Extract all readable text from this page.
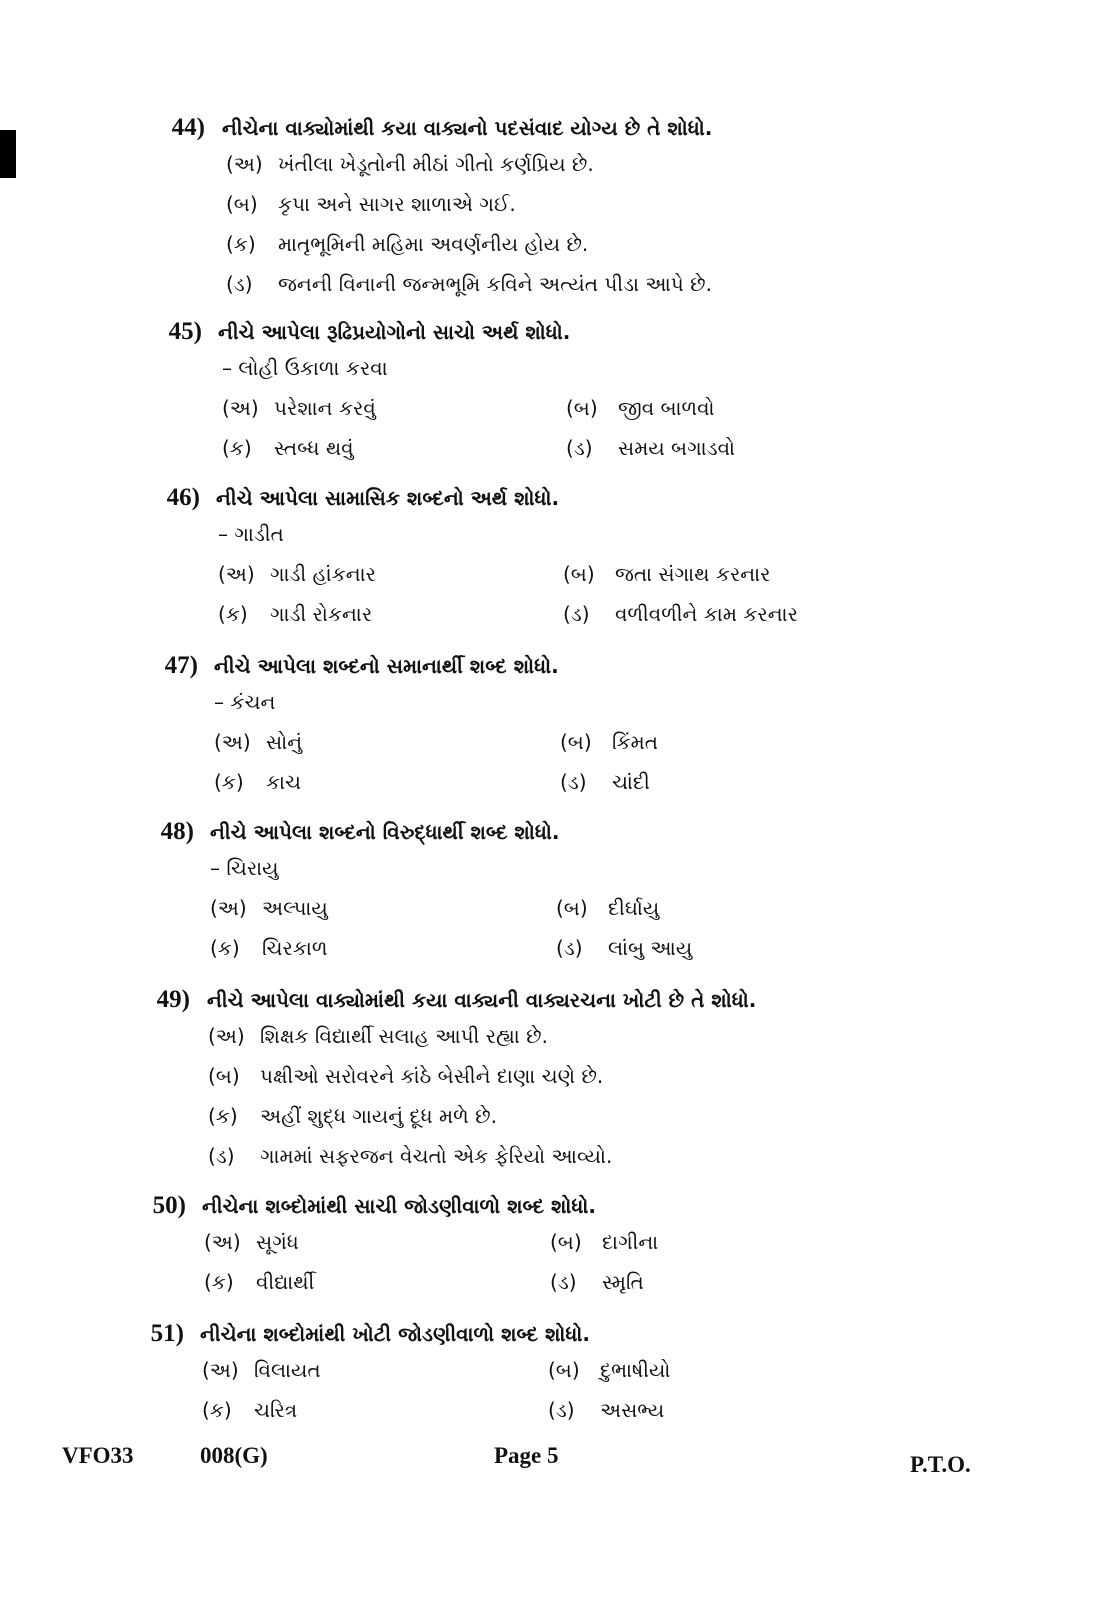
44) નીચેના વાક્યોમાંથી કયા વાક્યનો પદસંવાદ યોગ્ય છે તે શોધો.
(અ) ખંતીલા ખેડૂતોની મીઠાં ગીતો કર્ણપ્રિય છે.
(બ) કૃપા અને સાગર શાળાએ ગઈ.
(ક) માતૃભૂમિની મહિમા અવર્ણનીય હોય છે.
(ડ) જનની વિનાની જન્મભૂમિ કવિને અત્યંત પીડા આપે છે.
45) નીચે આપેલા રૂઢિપ્રયોગોનો સાચો અર્થ શોધો.
– લોહી ઉકાળા કરવા
(અ) પરેશાન કરવું	(બ) જીવ બાળવો
(ક) સ્તબ્ધ થવું	(ડ) સમય બગાડવો
46) નીચે આપેલા સામાસિક શબ્દનો અર્થ શોધો.
– ગાડીત
(અ) ગાડી હાંકનાર	(બ) જતા સંગાથ કરનાર
(ક) ગાડી રોકનાર	(ડ) વળીવળીને કામ કરનાર
47) નીચે આપેલા શબ્દનો સમાનાર્થી શબ્દ શોધો.
– કંચન
(અ) સોનું	(બ) કિંમત
(ક) કાચ	(ડ) ચાંદી
48) નીચે આપેલા શબ્દનો વિરુદ્ધાર્થી શબ્દ શોધો.
– ચિરાયુ
(અ) અલ્પાયુ	(બ) દીર્ઘાયુ
(ક) ચિરકાળ	(ડ) લાંબુ આયુ
49) નીચે આપેલા વાક્યોમાંથી કયા વાક્યની વાક્યરચના ખોટી છે તે શોધો.
(અ) શિક્ષક વિદ્યાર્થી સલાહ આપી રહ્યા છે.
(બ) પક્ષીઓ સરોવરને કાંઠે બેસીને દાણા ચણે છે.
(ક) અહીં શુદ્ધ ગાયનું દૂધ મળે છે.
(ડ) ગામમાં સફરજન વેચતો એક ફેરિયો આવ્યો.
50) નીચેના શબ્દોમાંથી સાચી જોડણીવાળો શબ્દ શોધો.
(અ) સૂગંધ	(બ) દાગીના
(ક) વીદ્યાર્થી	(ડ) સ્મૃતિ
51) નીચેના શબ્દોમાંથી ખોટી જોડણીવાળો શબ્દ શોધો.
(અ) વિલાયત	(બ) દુભાષીયો
(ક) ચરિત્ર	(ડ) અસભ્ય
VFO33	008(G)	Page 5	P.T.O.
